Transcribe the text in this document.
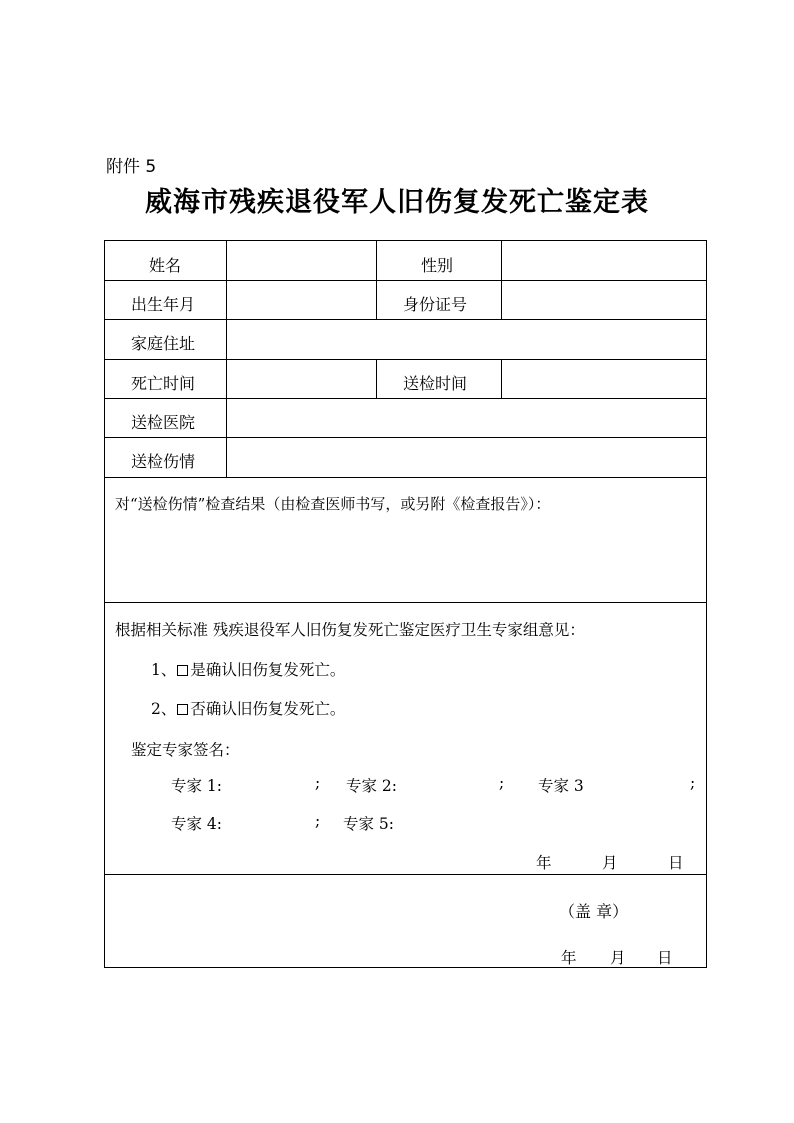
附件 5
威海市残疾退役军人旧伤复发死亡鉴定表
姓名	性别
出生年月	身份证号
家庭住址
死亡时间	送检时间
送检医院
送检伤情
对“送检伤情”检查结果（由检查医师书写，或另附《检查报告》）：
根据相关标准 残疾退役军人旧伤复发死亡鉴定医疗卫生专家组意见：
1、 是确认旧伤复发死亡。
2、 否确认旧伤复发死亡。
鉴定专家签名：
专家 1:	; 专家 2:	; 专家 3	;
专家 4:	; 专家 5:
年	月	日
（盖 章）
年 月 日
